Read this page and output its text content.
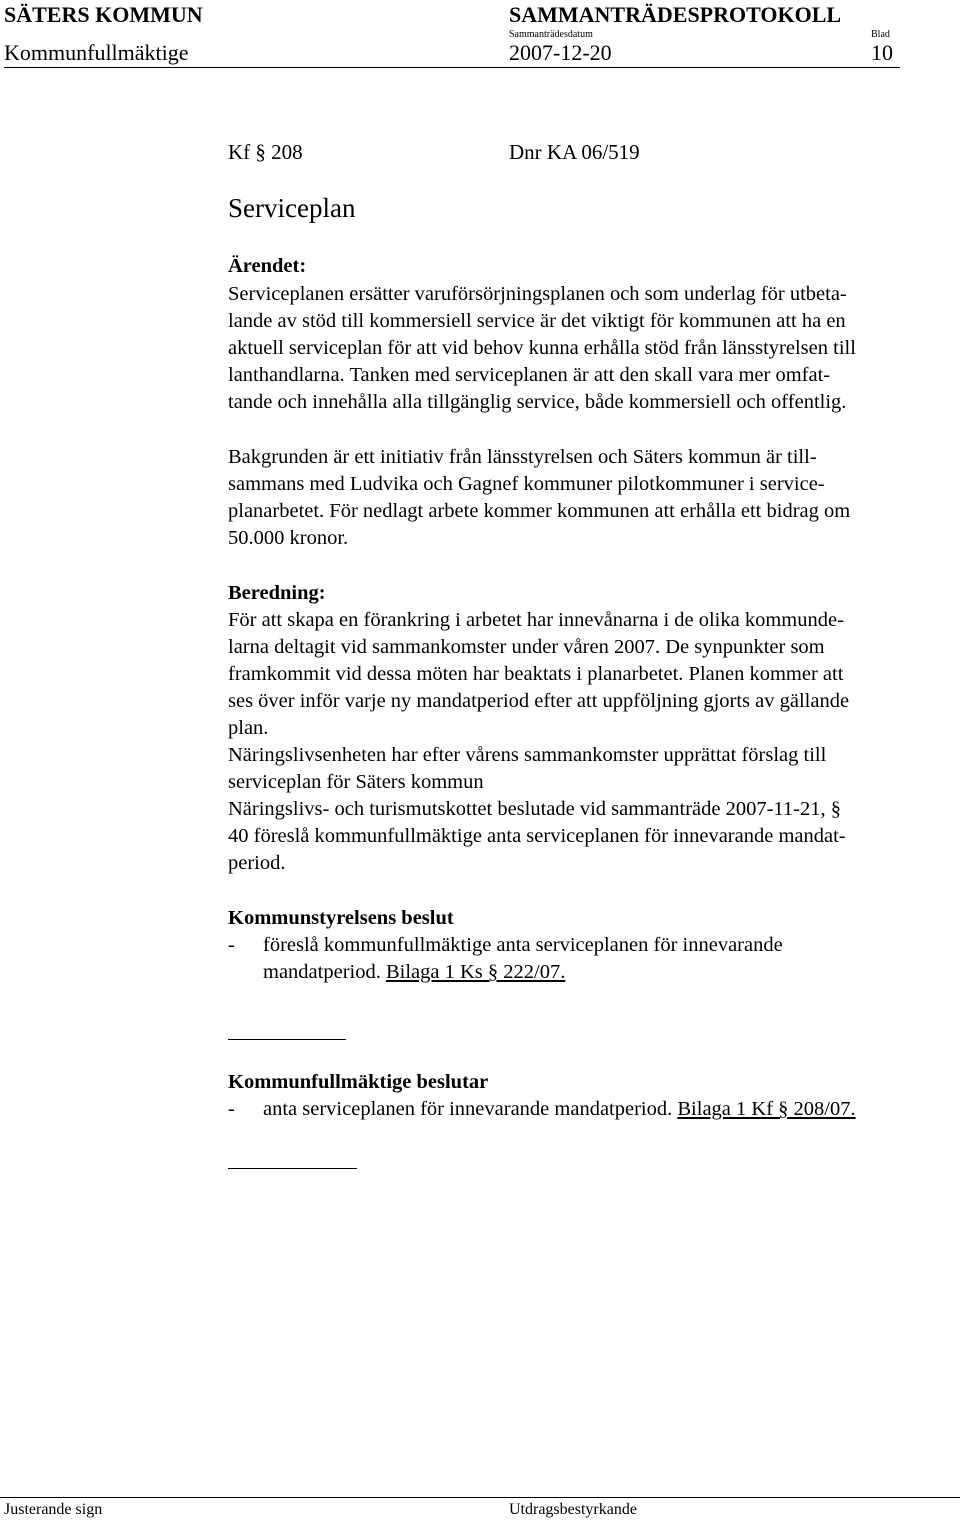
SÄTERS KOMMUN	SAMMANTRÄDESPROTOKOLL
Sammanträdesdatum	Blad
Kommunfullmäktige	2007-12-20	10
Kf § 208	Dnr KA 06/519
Serviceplan
Ärendet:
Serviceplanen ersätter varuförsörjningsplanen och som underlag för utbeta-
lande av stöd till kommersiell service är det viktigt för kommunen att ha en
aktuell serviceplan för att vid behov kunna erhålla stöd från länsstyrelsen till
lanthandlarna. Tanken med serviceplanen är att den skall vara mer omfat-
tande och innehålla alla tillgänglig service, både kommersiell och offentlig.
Bakgrunden är ett initiativ från länsstyrelsen och Säters kommun är till-
sammans med Ludvika och Gagnef kommuner pilotkommuner i service-
planarbetet. För nedlagt arbete kommer kommunen att erhålla ett bidrag om
50.000 kronor.
Beredning:
För att skapa en förankring i arbetet har innevånarna i de olika kommunde-
larna deltagit vid sammankomster under våren 2007. De synpunkter som
framkommit vid dessa möten har beaktats i planarbetet. Planen kommer att
ses över inför varje ny mandatperiod efter att uppföljning gjorts av gällande
plan.
Näringslivsenheten har efter vårens sammankomster upprättat förslag till
serviceplan för Säters kommun
Näringslivs- och turismutskottet beslutade vid sammanträde 2007-11-21, §
40 föreslå kommunfullmäktige anta serviceplanen för innevarande mandat-
period.
Kommunstyrelsens beslut
- föreslå kommunfullmäktige anta serviceplanen för innevarande
mandatperiod. Bilaga 1 Ks § 222/07.
Kommunfullmäktige beslutar
- anta serviceplanen för innevarande mandatperiod. Bilaga 1 Kf § 208/07.
Justerande sign	Utdragsbestyrkande
